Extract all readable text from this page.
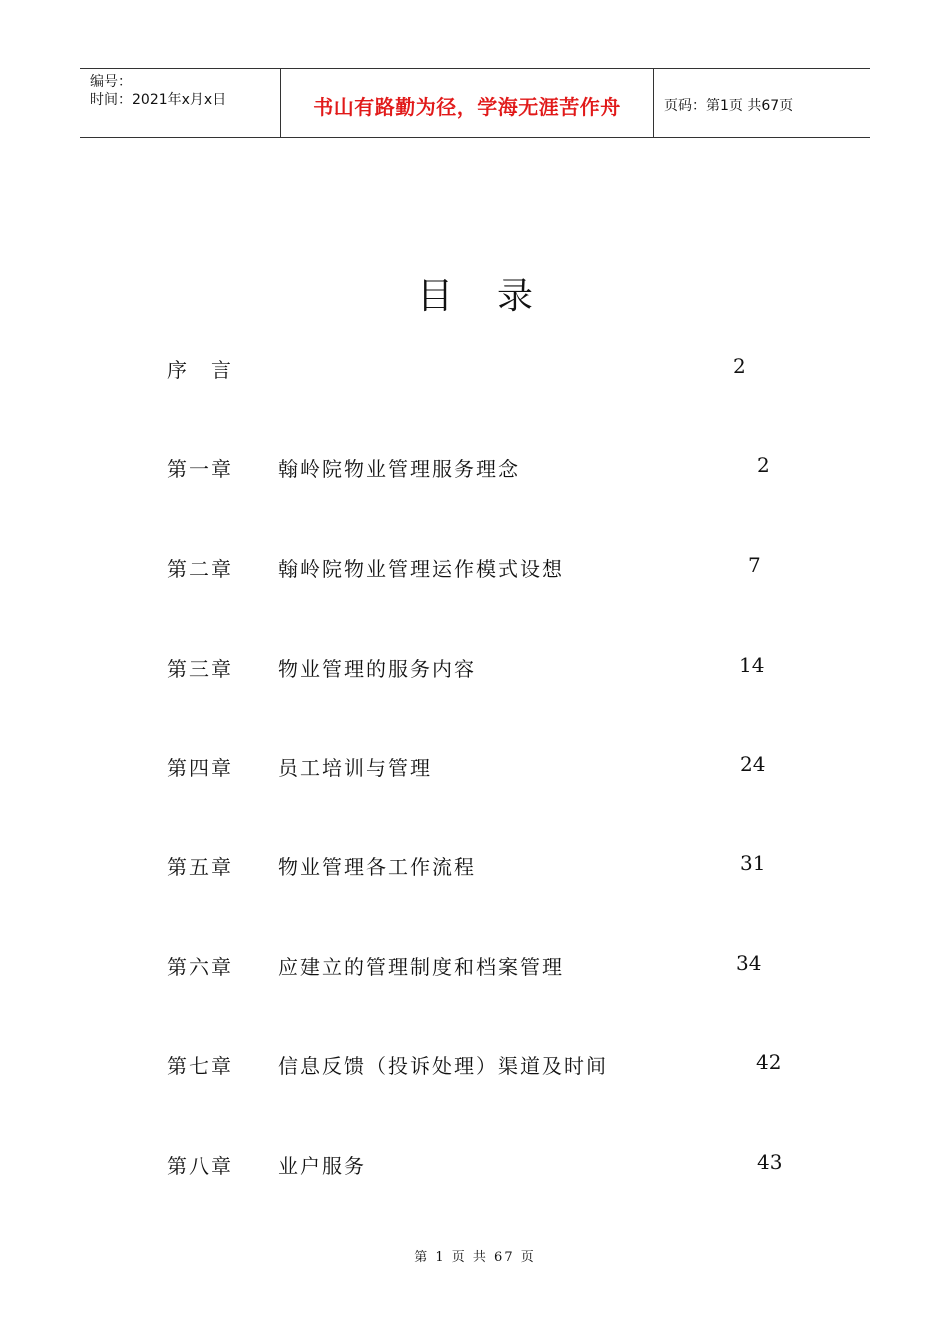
编号：
时间：2021年x月x日	书山有路勤为径，学海无涯苦作舟	页码：第1页 共67页
目录
序　言	2
第一章 翰岭院物业管理服务理念	2
第二章 翰岭院物业管理运作模式设想	7
第三章 物业管理的服务内容	14
第四章 员工培训与管理	24
第五章 物业管理各工作流程	31
第六章 应建立的管理制度和档案管理	34
第七章 信息反馈（投诉处理）渠道及时间	42
第八章 业户服务	43
第 1 页 共 67 页
